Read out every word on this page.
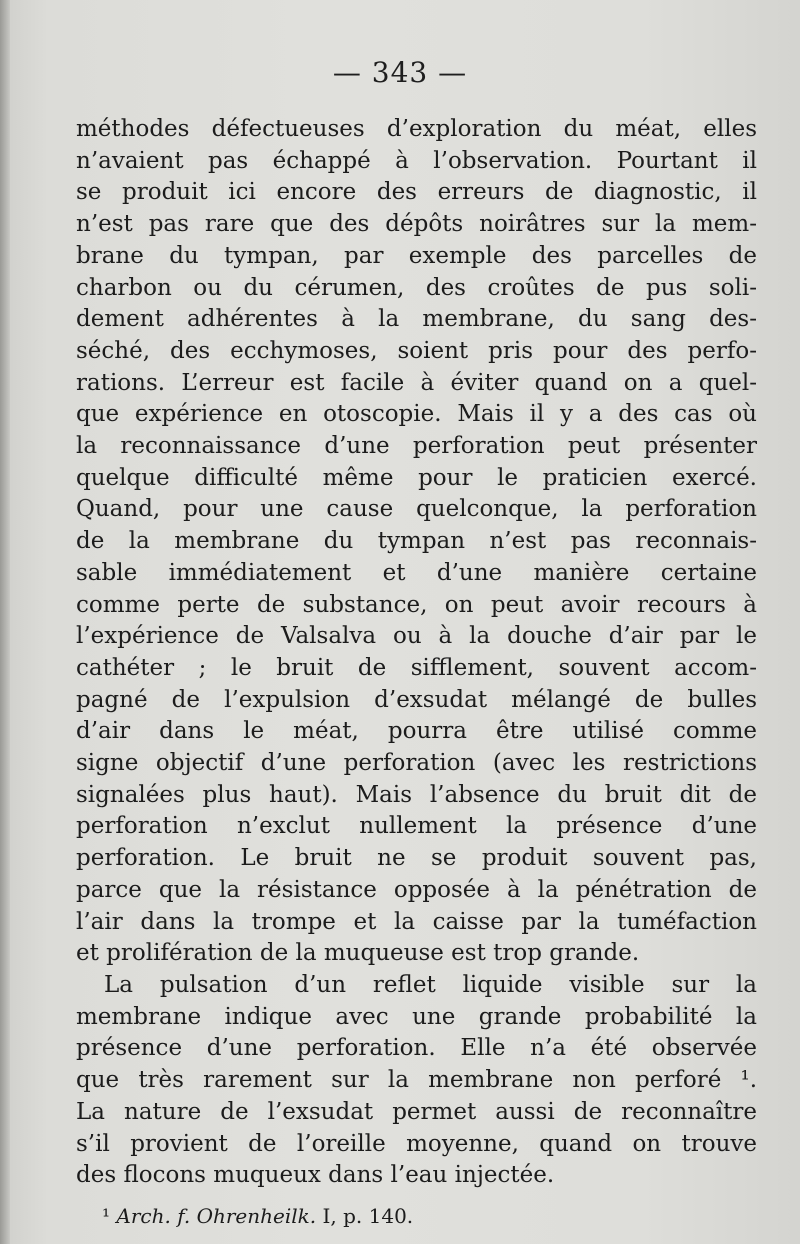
— 343 —
méthodes défectueuses d’exploration du méat, elles
n’avaient pas échappé à l’observation. Pourtant il
se produit ici encore des erreurs de diagnostic, il
n’est pas rare que des dépôts noirâtres sur la mem-
brane du tympan, par exemple des parcelles de
charbon ou du cérumen, des croûtes de pus soli-
dement adhérentes à la membrane, du sang des-
séché, des ecchymoses, soient pris pour des perfo-
rations. L’erreur est facile à éviter quand on a quel-
que expérience en otoscopie. Mais il y a des cas où
la reconnaissance d’une perforation peut présenter
quelque difficulté même pour le praticien exercé.
Quand, pour une cause quelconque, la perforation
de la membrane du tympan n’est pas reconnais-
sable immédiatement et d’une manière certaine
comme perte de substance, on peut avoir recours à
l’expérience de Valsalva ou à la douche d’air par le
cathéter ; le bruit de sifflement, souvent accom-
pagné de l’expulsion d’exsudat mélangé de bulles
d’air dans le méat, pourra être utilisé comme
signe objectif d’une perforation (avec les restrictions
signalées plus haut). Mais l’absence du bruit dit de
perforation n’exclut nullement la présence d’une
perforation. Le bruit ne se produit souvent pas,
parce que la résistance opposée à la pénétration de
l’air dans la trompe et la caisse par la tuméfaction
et prolifération de la muqueuse est trop grande.
La pulsation d’un reflet liquide visible sur la
membrane indique avec une grande probabilité la
présence d’une perforation. Elle n’a été observée
que très rarement sur la membrane non perforé ¹.
La nature de l’exsudat permet aussi de reconnaître
s’il provient de l’oreille moyenne, quand on trouve
des flocons muqueux dans l’eau injectée.
¹ Arch. f. Ohrenheilk. I, p. 140.
